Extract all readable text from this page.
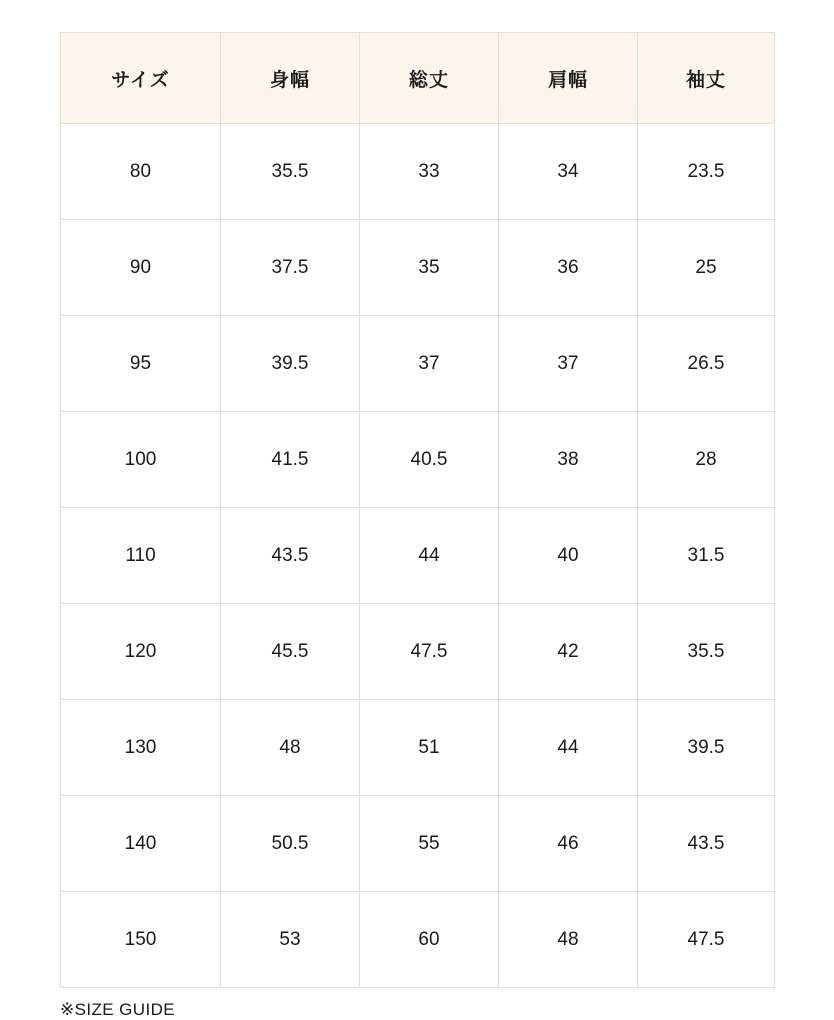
サイズ	身幅	総丈	肩幅	袖丈
80	35.5	33	34	23.5
90	37.5	35	36	25
95	39.5	37	37	26.5
100	41.5	40.5	38	28
110	43.5	44	40	31.5
120	45.5	47.5	42	35.5
130	48	51	44	39.5
140	50.5	55	46	43.5
150	53	60	48	47.5
※SIZE GUIDE
